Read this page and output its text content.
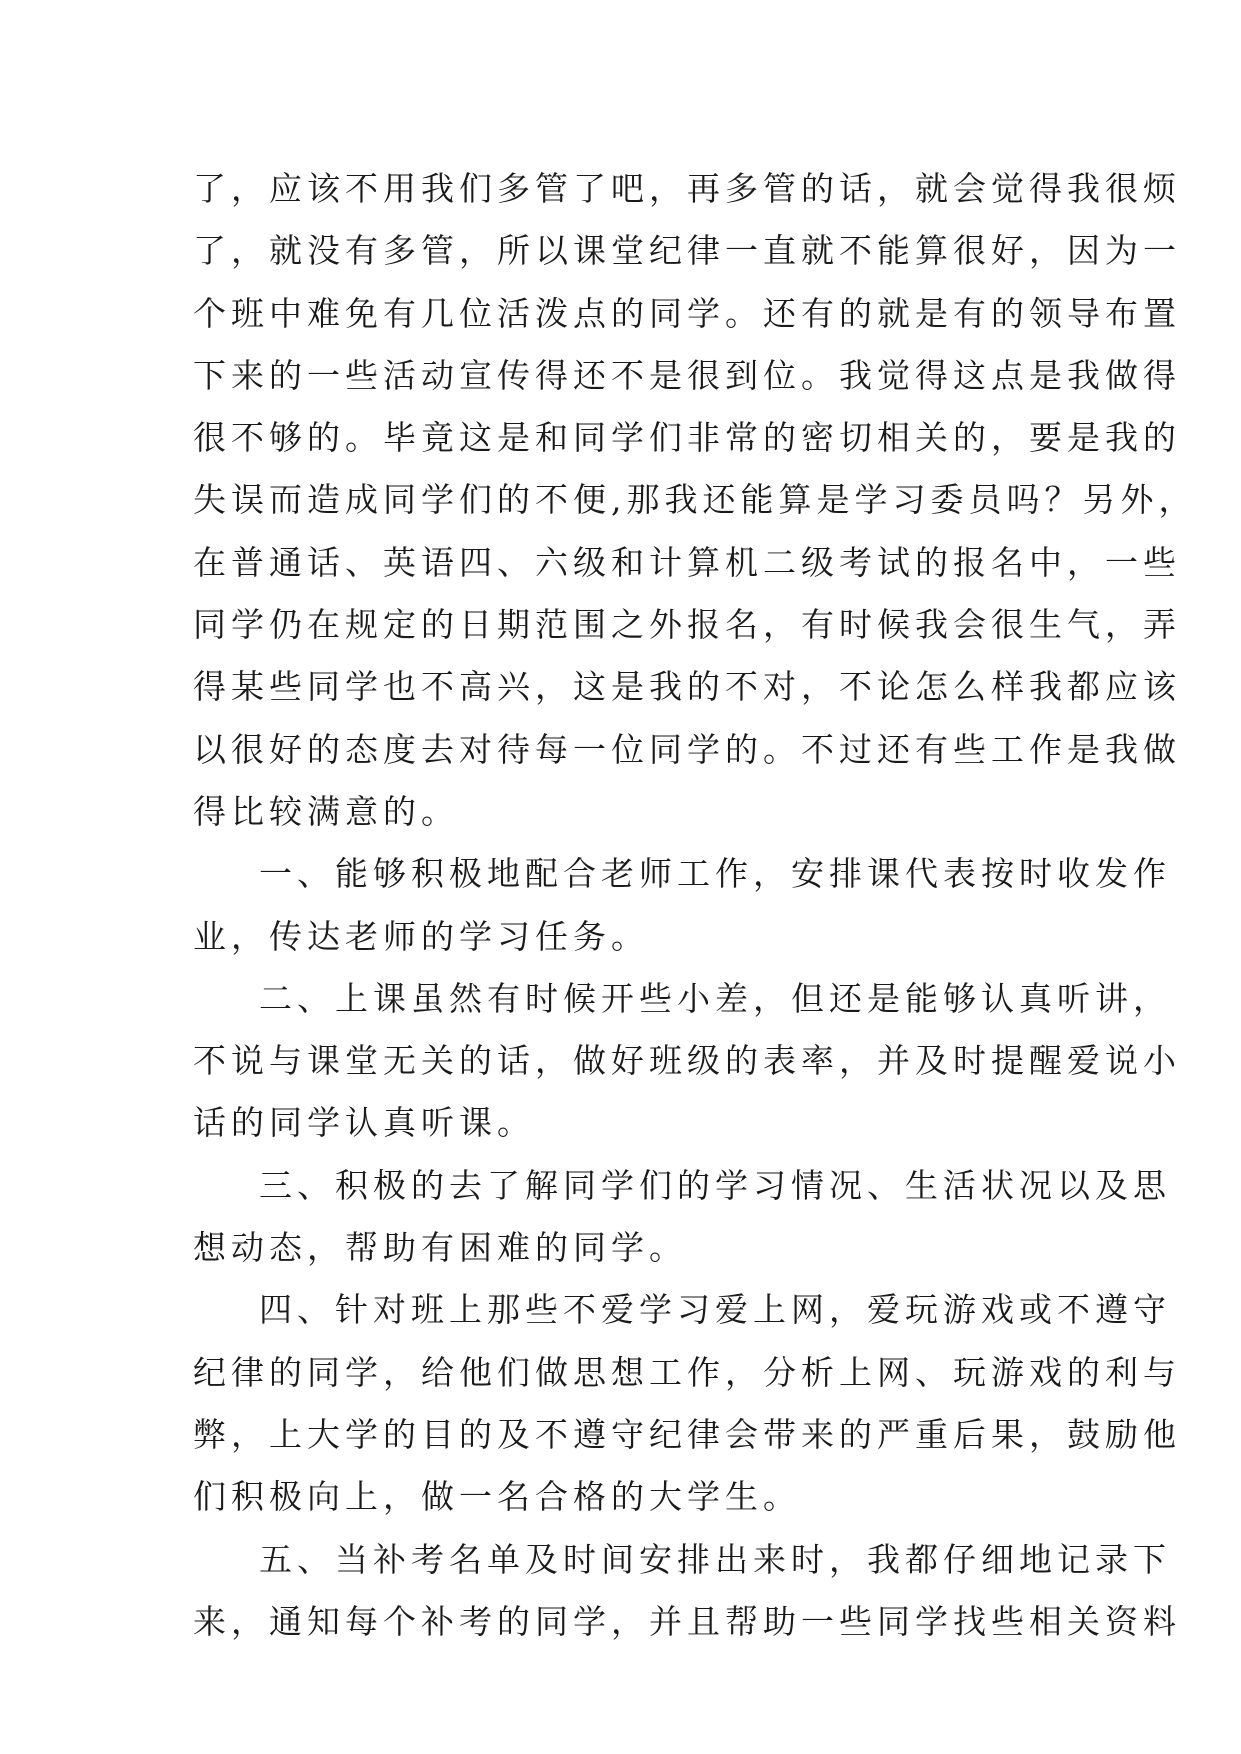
了，应该不用我们多管了吧，再多管的话，就会觉得我很烦
了，就没有多管，所以课堂纪律一直就不能算很好，因为一
个班中难免有几位活泼点的同学。还有的就是有的领导布置
下来的一些活动宣传得还不是很到位。我觉得这点是我做得
很不够的。毕竟这是和同学们非常的密切相关的，要是我的
失误而造成同学们的不便,那我还能算是学习委员吗？另外，
在普通话、英语四、六级和计算机二级考试的报名中，一些
同学仍在规定的日期范围之外报名，有时候我会很生气，弄
得某些同学也不高兴，这是我的不对，不论怎么样我都应该
以很好的态度去对待每一位同学的。不过还有些工作是我做
得比较满意的。
一、能够积极地配合老师工作，安排课代表按时收发作
业，传达老师的学习任务。
二、上课虽然有时候开些小差，但还是能够认真听讲，
不说与课堂无关的话，做好班级的表率，并及时提醒爱说小
话的同学认真听课。
三、积极的去了解同学们的学习情况、生活状况以及思
想动态，帮助有困难的同学。
四、针对班上那些不爱学习爱上网，爱玩游戏或不遵守
纪律的同学，给他们做思想工作，分析上网、玩游戏的利与
弊，上大学的目的及不遵守纪律会带来的严重后果，鼓励他
们积极向上，做一名合格的大学生。
五、当补考名单及时间安排出来时，我都仔细地记录下
来，通知每个补考的同学，并且帮助一些同学找些相关资料
